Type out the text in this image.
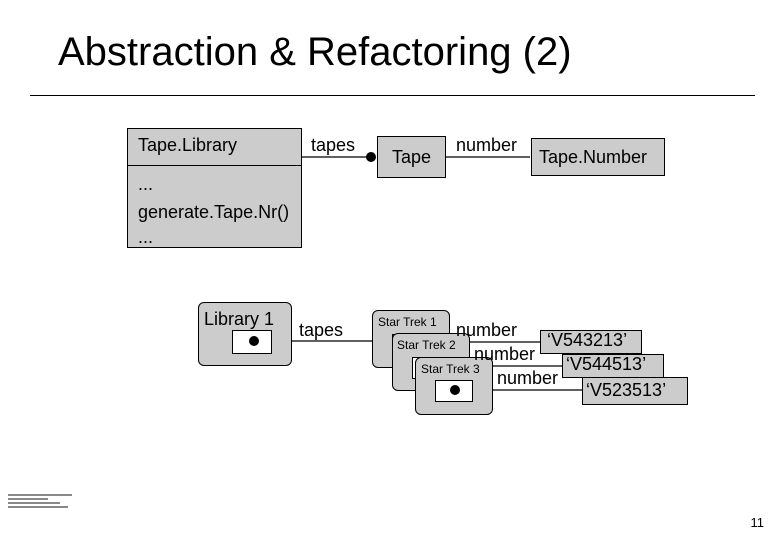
Abstraction & Refactoring (2)
Tape.Library
...
generate.Tape.Nr()
...
tapes
Tape
number
Tape.Number
Library 1
tapes	Star Trek 1
Star Trek 2
Star Trek 3
number
number
number
‘V543213’
‘V544513’
‘V523513’
11
